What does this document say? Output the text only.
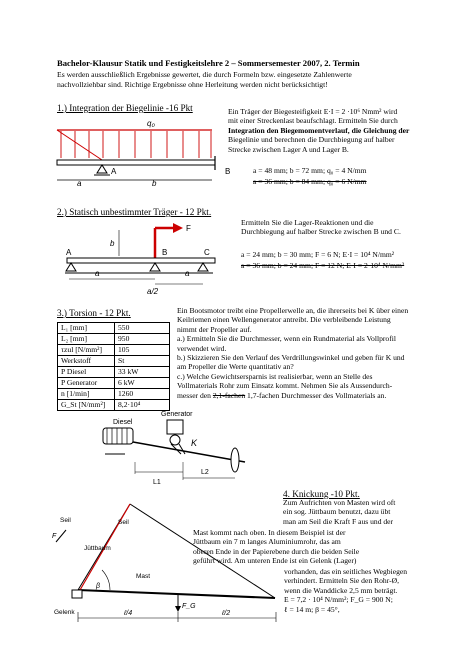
Bachelor-Klausur Statik und Festigkeitslehre 2 – Sommersemester 2007, 2. Termin
Es werden ausschließlich Ergebnisse gewertet, die durch Formeln bzw. eingesetzte Zahlenwerte
nachvollziehbar sind. Richtige Ergebnisse ohne Herleitung werden nicht berücksichtigt!
1.) Integration der Biegelinie -16 Pkt
q₀
A	B
a	b
Ein Träger der Biegesteifigkeit E·I = 2 ·10⁶ Nmm² wird
mit einer Streckenlast beaufschlagt. Ermitteln Sie durch
Integration den Biegemomentverlauf, die Gleichung der
Biegelinie und berechnen die Durchbiegung auf halber
Strecke zwischen Lager A und Lager B.
a = 48 mm; b = 72 mm; q₀ = 4 N/mm
a = 36 mm; b = 84 mm; q₀ = 6 N/mm
2.) Statisch unbestimmter Träger - 12 Pkt.
F
b
A	B	C
a	a
a/2
Ermitteln Sie die Lager-Reaktionen und die
Durchbiegung auf halber Strecke zwischen B und C.
a = 24 mm; b = 30 mm; F = 6 N; E·I = 10⁴ N/mm²
a = 36 mm; b = 24 mm; F = 12 N; E·I = 2·10⁴ N/mm²
3.) Torsion - 12 Pkt.
L₁ [mm]	550
L₂ [mm]	950
τzul [N/mm²]	105
Werkstoff	St
P Diesel	33 kW
P Generator	6 kW
n [1/min]	1260
G_St [N/mm²]	8,2·10⁴
Ein Bootsmotor treibt eine Propellerwelle an, die ihrerseits bei K über einen
Keilriemen einen Wellengenerator antreibt. Die verbleibende Leistung
nimmt der Propeller auf.
a.) Ermitteln Sie die Durchmesser, wenn ein Rundmaterial als Vollprofil
verwendet wird.
b.) Skizzieren Sie den Verlauf des Verdrillungswinkel und geben für K und
am Propeller die Werte quantitativ an?
c.) Welche Gewichtsersparnis ist realisierbar, wenn an Stelle des
Vollmaterials Rohr zum Einsatz kommt. Nehmen Sie als Aussendurch-
messer den 2,1-fachen 1,7-fachen Durchmesser des Vollmaterials an.
Generator
K
Diesel
L1
L2
4. Knickung -10 Pkt.
Zum Aufrichten von Masten wird oft
ein sog. Jüttbaum benutzt, dazu übt
man am Seil die Kraft F aus und der
Mast kommt nach oben. In diesem Beispiel ist der
Jüttbaum ein 7 m langes Aluminiumrohr, das am
oberen Ende in der Papierebene durch die beiden Seile
geführt wird. Am unteren Ende ist ein Gelenk (Lager)
vorhanden, das ein seitliches Wegbiegen
verhindert. Ermitteln Sie den Rohr-Ø,
wenn die Wanddicke 2,5 mm beträgt.
E = 7,2 · 10⁴ N/mm²; F_G = 900 N;
ℓ = 14 m; β = 45°,
Seil	Seil
Jüttbaum
Mast
Gelenk
β
F
F_G
ℓ/4	ℓ/2
